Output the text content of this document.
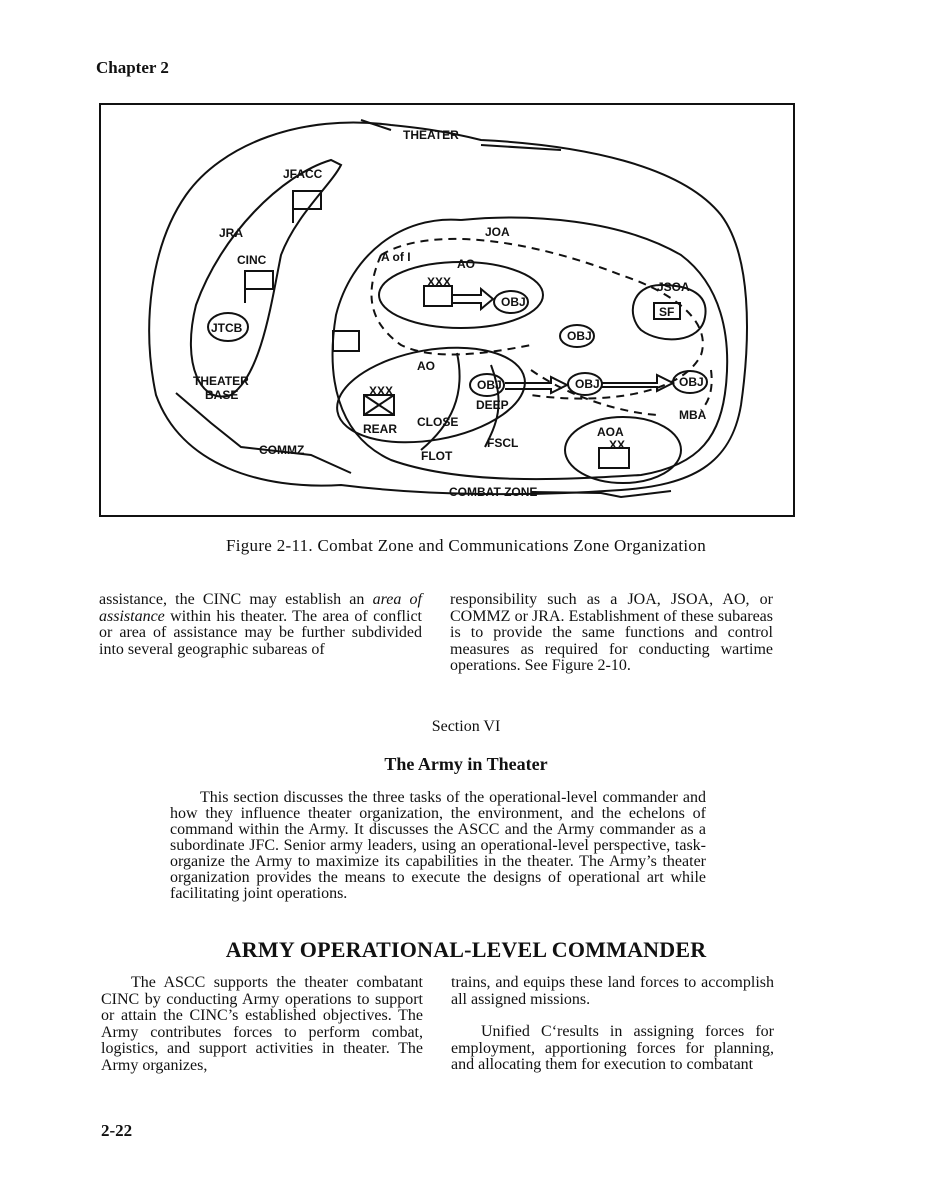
Chapter 2
THEATER
JFACC
JRA
CINC
JTCB
THEATER
BASE
COMMZ
JOA
A of I	AO
XXX
OBJ
JSOA
SF
OBJ
AO
XXX	OBJ	OBJ	OBJ
DEEP
REAR CLOSE
FSCL
FLOT
MBA
AOA
XX
COMBAT ZONE
Figure 2-11. Combat Zone and Communications Zone Organization
assistance, the CINC may establish an area of assistance within his theater. The area of conflict or area of assistance may be further subdivided into several geographic subareas of
responsibility such as a JOA, JSOA, AO, or COMMZ or JRA. Establishment of these subareas is to provide the same functions and control measures as required for conducting wartime operations. See Figure 2-10.
Section VI
The Army in Theater
This section discusses the three tasks of the operational-level commander and how they influence theater organization, the environment, and the echelons of command within the Army. It discusses the ASCC and the Army commander as a subordinate JFC. Senior army leaders, using an operational-level perspective, task-organize the Army to maximize its capabilities in the theater. The Army’s theater organization provides the means to execute the designs of operational art while facilitating joint operations.
ARMY OPERATIONAL-LEVEL COMMANDER
The ASCC supports the theater combatant CINC by conducting Army operations to support or attain the CINC’s established objectives. The Army contributes forces to perform combat, logistics, and support activities in theater. The Army organizes,

trains, and equips these land forces to accomplish all assigned missions.

Unified C‘results in assigning forces for employment, apportioning forces for planning, and allocating them for execution to combatant

2-22
